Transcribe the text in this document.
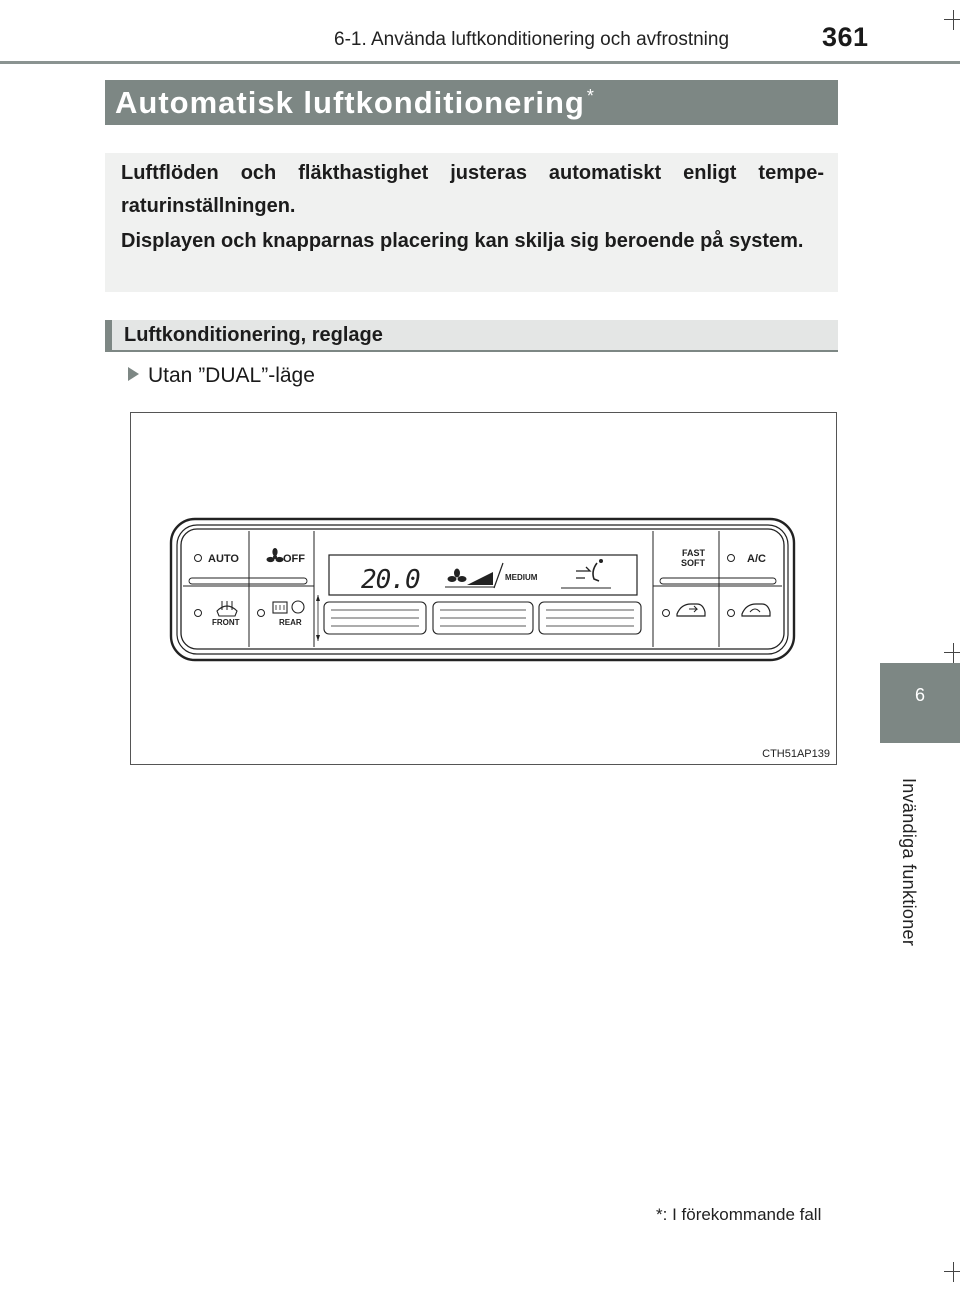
6-1. Använda luftkonditionering och avfrostning	361
Automatisk luftkonditionering *
Luftflöden och fläkthastighet justeras automatiskt enligt tempe-raturinställningen.
Displayen och knapparnas placering kan skilja sig beroende på system.
Luftkonditionering, reglage
Utan ”DUAL”-läge
AUTO	OFF
FRONT	REAR
20.0	MEDIUM
FAST
SOFT	A/C
CTH51AP139
6
Invändiga funktioner
*: I förekommande fall
